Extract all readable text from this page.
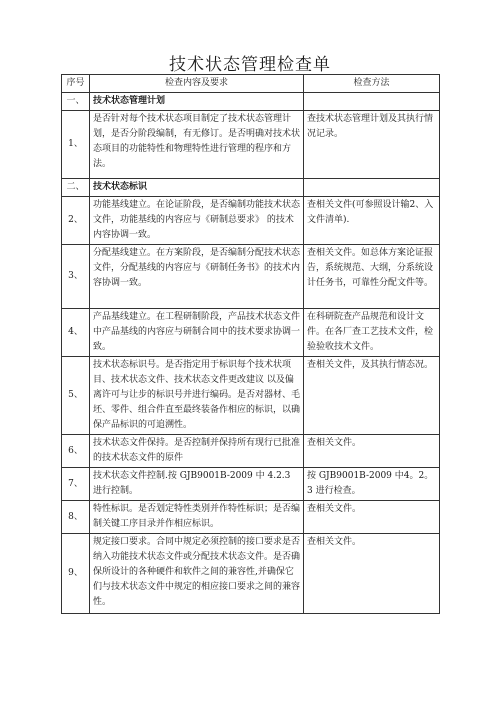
技术状态管理检查单
序号	检查内容及要求	检查方法
一、	技术状态管理计划	
1、	是否针对每个技术状态项目制定了技术状态管理计划，是否分阶段编制，有无修订。是否明确对技术状态项目的功能特性和物理特性进行管理的程序和方法。	查技术状态管理计划及其执行情况记录。
二、	技术状态标识	
2、	功能基线建立。在论证阶段，是否编制功能技术状态文件，功能基线的内容应与《研制总要求》 的技术内容协调一致。	查相关文件(可参照设计输2、入文件清单).
3、	分配基线建立。在方案阶段，是否编制分配技术状态文件，分配基线的内容应与《研制任务书》的技术内容协调一致。	查相关文件。如总体方案论证报告，系统规范、大纲，分系统设计任务书，可靠性分配文件等。
4、	产品基线建立。在工程研制阶段，产品技术状态文件中产品基线的内容应与研制合同中的技术要求协调一致。	在科研院查产品规范和设计文件。在各厂查工艺技术文件，检验验收技术文件。
5、	技术状态标识号。是否指定用于标识每个技术状项目、技术状态文件、技术状态文件更改建议 以及偏离许可与让步的标识号并进行编码。是否对器材、毛坯、零件、组合件直至最终装备作相应的标识，以确保产品标识的可追溯性。	查相关文件，及其执行情态况。
6、	技术状态文件保持。是否控制并保持所有现行已批准的技术状态文件的原件	查相关文件。
7、	技术状态文件控制.按 GJB9001B-2009 中 4.2.3 进行控制。	按 GJB9001B-2009 中4。2。3 进行检查。
8、	特性标识。是否划定特性类别并作特性标识；是否编制关键工序目录并作相应标识。	查相关文件。
9、	规定接口要求。合同中规定必须控制的接口要求是否纳入功能技术状态文件或分配技术状态文件。是否确保所设计的各种硬件和软件之间的兼容性,并确保它们与技术状态文件中规定的相应接口要求之间的兼容性。	查相关文件。
